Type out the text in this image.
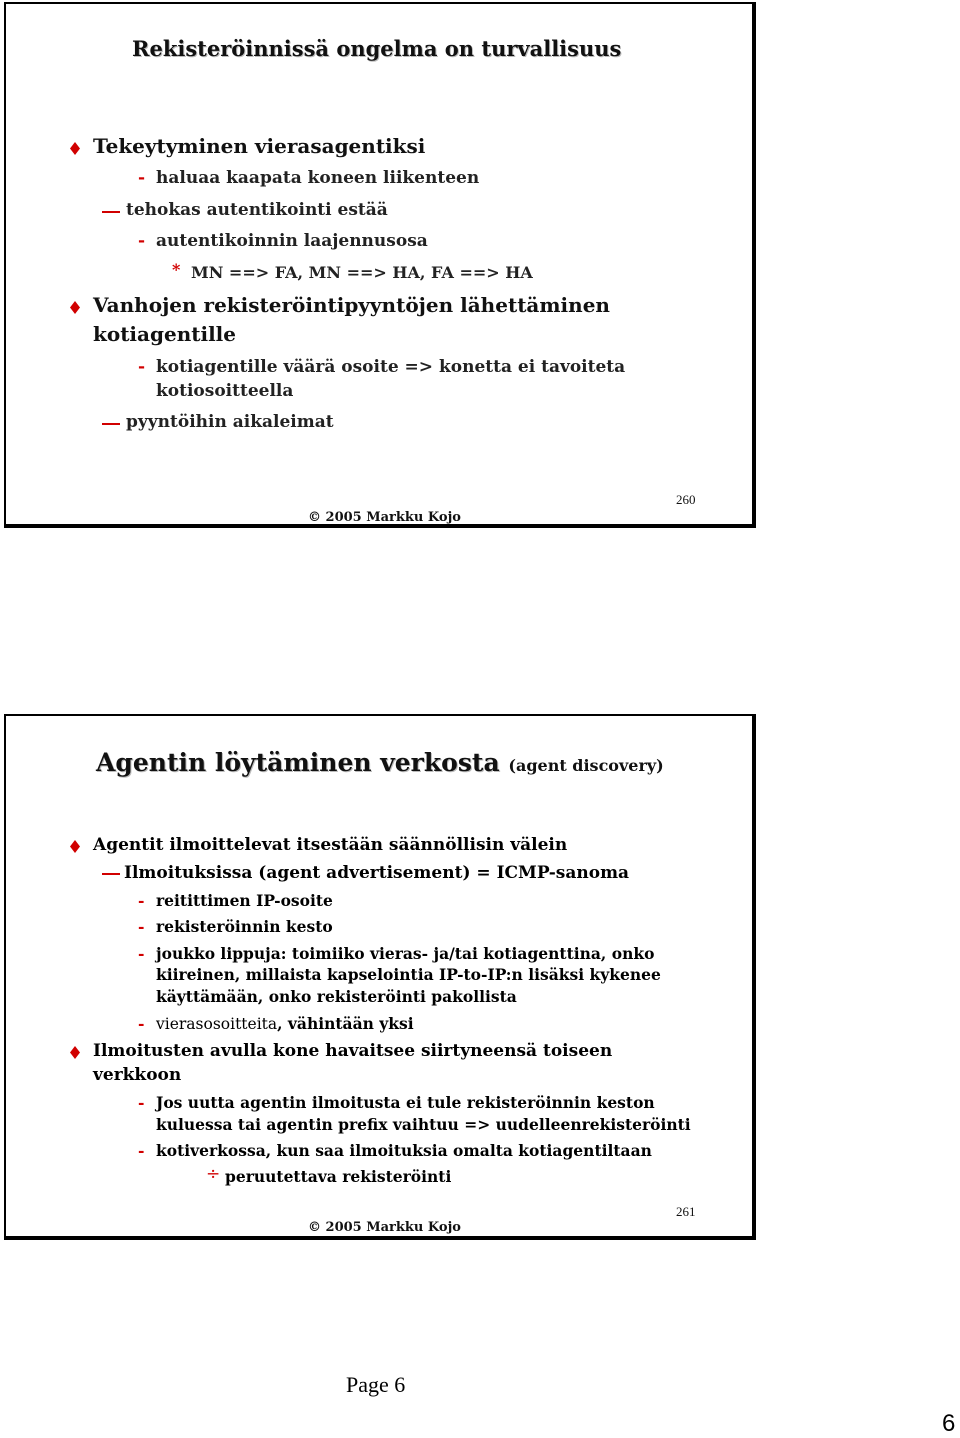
Rekisteröinnissä ongelma on turvallisuus
Tekeytyminen vierasagentiksi
- haluaa kaapata koneen liikenteen
tehokas autentikointi estää
- autentikoinnin laajennusosa
* MN ==> FA, MN ==> HA, FA ==> HA
Vanhojen rekisteröintipyyntöjen lähettäminen
kotiagentille
- kotiagentille väärä osoite => konetta ei tavoiteta
kotiosoitteella
pyyntöihin aikaleimat
© 2005 Markku Kojo
260
Agentin löytäminen verkosta (agent discovery)
Agentit ilmoittelevat itsestään säännöllisin välein
Ilmoituksissa (agent advertisement) = ICMP-sanoma
- reitittimen IP-osoite
- rekisteröinnin kesto
- joukko lippuja: toimiiko vieras- ja/tai kotiagenttina, onko
kiireinen, millaista kapselointia IP-to-IP:n lisäksi kykenee
käyttämään, onko rekisteröinti pakollista
- vierasosoitteita, vähintään yksi
Ilmoitusten avulla kone havaitsee siirtyneensä toiseen
verkkoon
- Jos uutta agentin ilmoitusta ei tule rekisteröinnin keston
kuluessa tai agentin prefix vaihtuu => uudelleenrekisteröinti
- kotiverkossa, kun saa ilmoituksia omalta kotiagentiltaan
÷ peruutettava rekisteröinti
© 2005 Markku Kojo
261
Page 6
6
